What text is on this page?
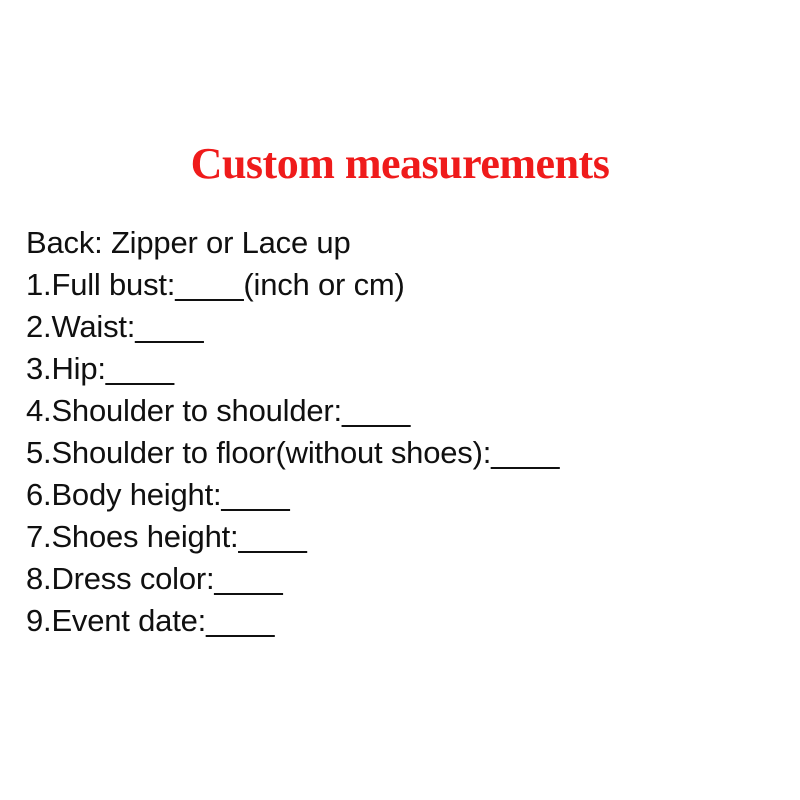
Custom measurements
Back: Zipper or Lace up
1.Full bust:____(inch or cm)
2.Waist:____
3.Hip:____
4.Shoulder to shoulder:____
5.Shoulder to floor(without shoes):____
6.Body height:____
7.Shoes height:____
8.Dress color:____
9.Event date:____
